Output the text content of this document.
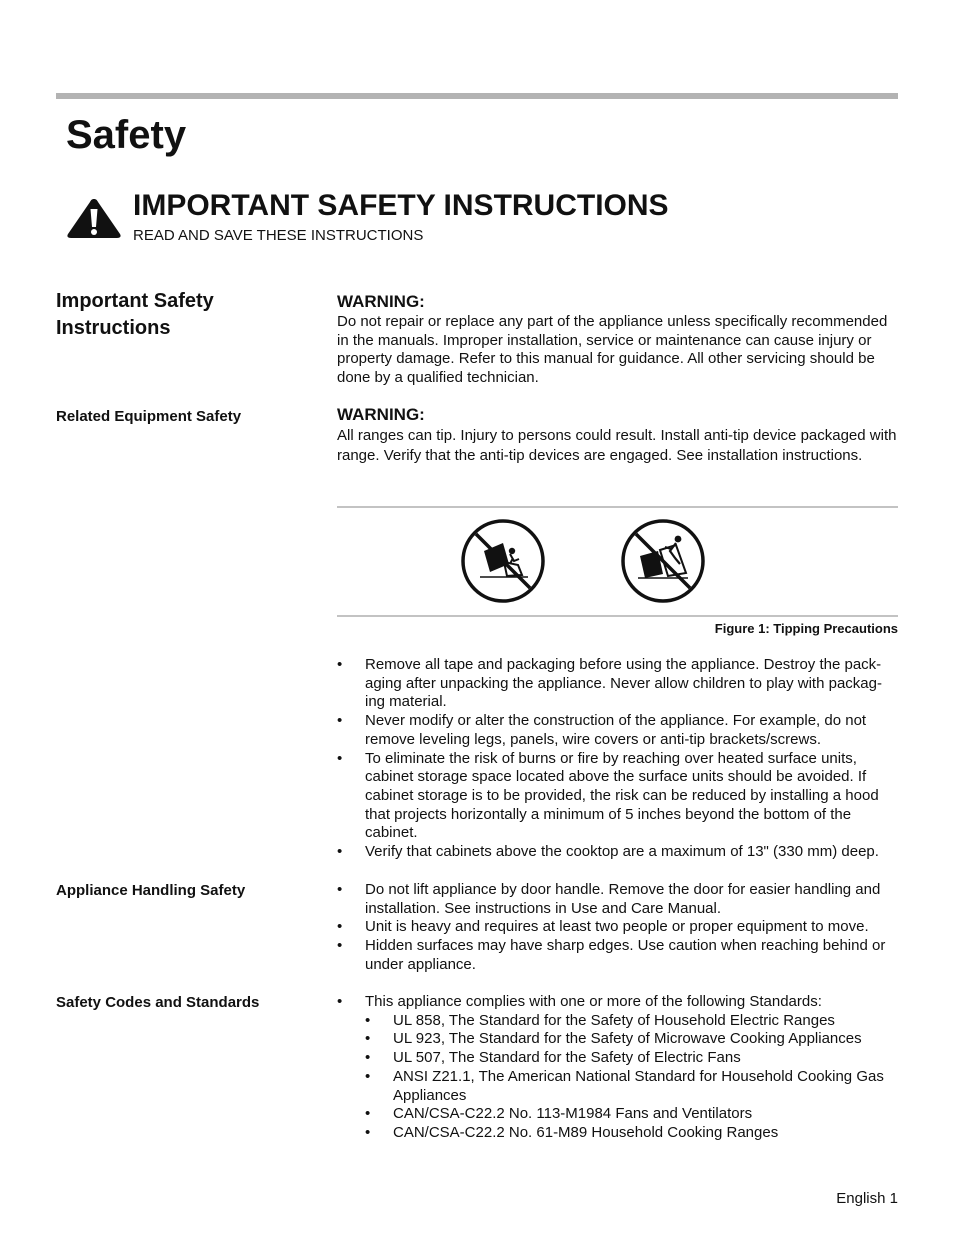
Safety
IMPORTANT SAFETY INSTRUCTIONS
READ AND SAVE THESE INSTRUCTIONS
Important Safety Instructions
WARNING:
Do not repair or replace any part of the appliance unless specifically recommended in the manuals. Improper installation, service or maintenance can cause injury or property damage. Refer to this manual for guidance. All other servicing should be done by a qualified technician.
Related Equipment Safety	WARNING:
All ranges can tip. Injury to persons could result. Install anti-tip device packaged with range. Verify that the anti-tip devices are engaged. See installation instructions.
Figure 1: Tipping Precautions
• Remove all tape and packaging before using the appliance. Destroy the pack-aging after unpacking the appliance. Never allow children to play with packag-ing material.
• Never modify or alter the construction of the appliance. For example, do not remove leveling legs, panels, wire covers or anti-tip brackets/screws.
• To eliminate the risk of burns or fire by reaching over heated surface units, cabinet storage space located above the surface units should be avoided. If cabinet storage is to be provided, the risk can be reduced by installing a hood that projects horizontally a minimum of 5 inches beyond the bottom of the cabinet.
• Verify that cabinets above the cooktop are a maximum of 13" (330 mm) deep.
Appliance Handling Safety	• Do not lift appliance by door handle. Remove the door for easier handling and installation. See instructions in Use and Care Manual.
• Unit is heavy and requires at least two people or proper equipment to move.
• Hidden surfaces may have sharp edges. Use caution when reaching behind or under appliance.
Safety Codes and Standards	• This appliance complies with one or more of the following Standards:
• UL 858, The Standard for the Safety of Household Electric Ranges
• UL 923, The Standard for the Safety of Microwave Cooking Appliances
• UL 507, The Standard for the Safety of Electric Fans
• ANSI Z21.1, The American National Standard for Household Cooking Gas Appliances
• CAN/CSA-C22.2 No. 113-M1984 Fans and Ventilators
• CAN/CSA-C22.2 No. 61-M89 Household Cooking Ranges
English 1
